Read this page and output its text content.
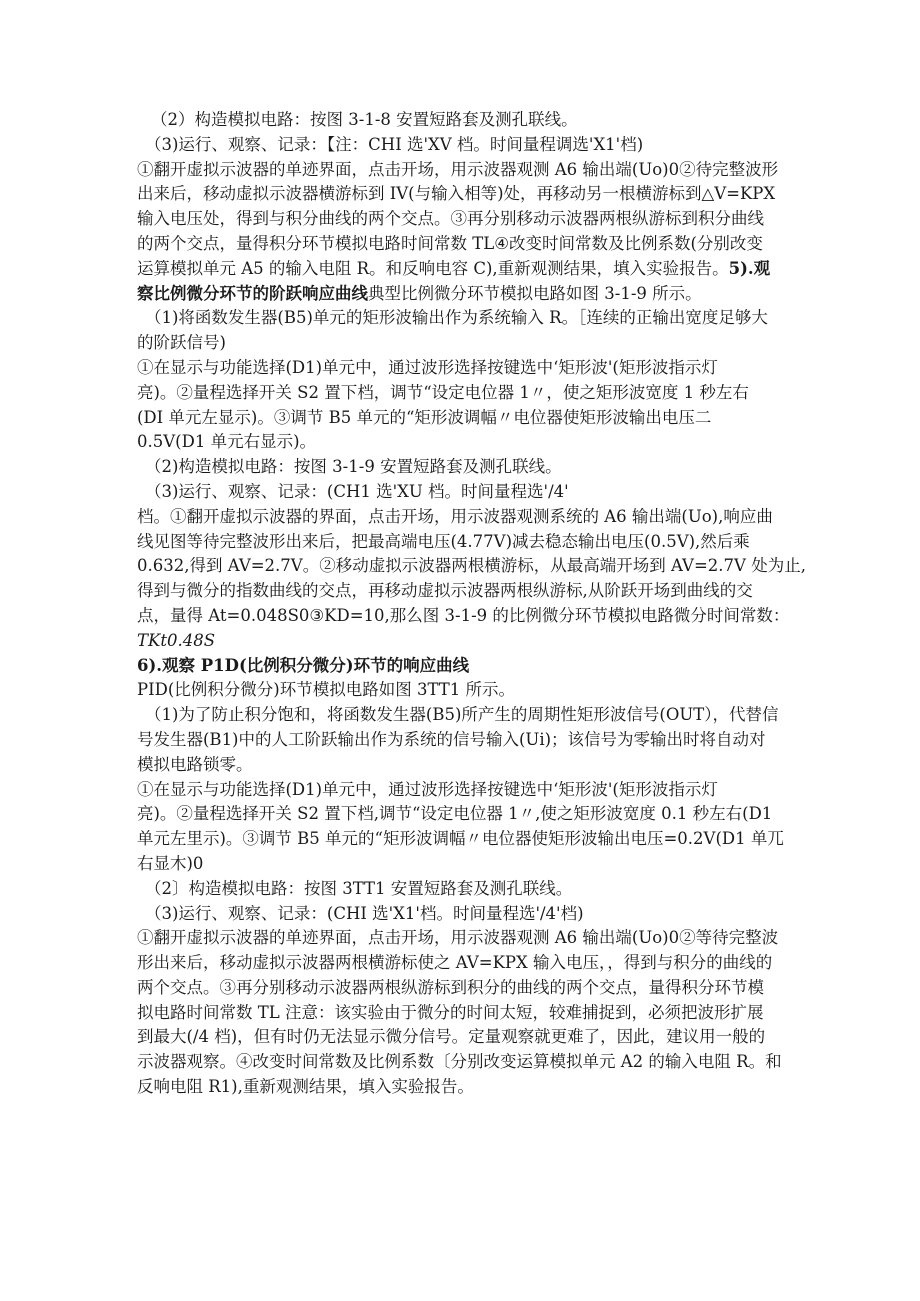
（2）构造模拟电路：按图 3-1-8 安置短路套及测孔联线。
（3)运行、观察、记录：【注：CHI 选'XV 档。时间量程调选'X1'档)
①翻开虚拟示波器的单迹界面，点击开场，用示波器观测 A6 输出端(Uo)0②待完整波形
出来后，移动虚拟示波器横游标到 IV(与输入相等)处，再移动另一根横游标到△V=KPX
输入电压处，得到与积分曲线的两个交点。③再分别移动示波器两根纵游标到积分曲线
的两个交点，量得积分环节模拟电路时间常数 TL④改变时间常数及比例系数(分别改变
运算模拟单元 A5 的输入电阻 R。和反响电容 C),重新观测结果，填入实验报告。5).观
察比例微分环节的阶跃响应曲线典型比例微分环节模拟电路如图 3-1-9 所示。
（1)将函数发生器(B5)单元的矩形波输出作为系统输入 R。［连续的正输出宽度足够大
的阶跃信号)
①在显示与功能选择(D1)单元中，通过波形选择按键选中‘矩形波'(矩形波指示灯
亮)。②量程选择开关 S2 置下档，调节“设定电位器 1〃，使之矩形波宽度 1 秒左右
(DI 单元左显示)。③调节 B5 单元的“矩形波调幅〃电位器使矩形波输出电压二
0.5V(D1 单元右显示)。
（2)构造模拟电路：按图 3-1-9 安置短路套及测孔联线。
（3)运行、观察、记录：(CH1 选'XU 档。时间量程选'/4'
档。①翻开虚拟示波器的界面，点击开场，用示波器观测系统的 A6 输出端(Uo),响应曲
线见图等待完整波形出来后，把最高端电压(4.77V)减去稳态输出电压(0.5V),然后乘
0.632,得到 AV=2.7V。②移动虚拟示波器两根横游标，从最高端开场到 AV=2.7V 处为止,
得到与微分的指数曲线的交点，再移动虚拟示波器两根纵游标,从阶跃开场到曲线的交
点，量得 At=0.048S0③KD=10,那么图 3-1-9 的比例微分环节模拟电路微分时间常数：
TKt0.48S
6).观察 P1D(比例积分微分)环节的响应曲线
PID(比例积分微分)环节模拟电路如图 3TT1 所示。
（1)为了防止积分饱和，将函数发生器(B5)所产生的周期性矩形波信号(OUT），代替信
号发生器(B1)中的人工阶跃输出作为系统的信号输入(Ui)；该信号为零输出时将自动对
模拟电路锁零。
①在显示与功能选择(D1)单元中，通过波形选择按键选中‘矩形波'(矩形波指示灯
亮)。②量程选择开关 S2 置下档,调节“设定电位器 1〃,使之矩形波宽度 0.1 秒左右(D1
单元左里示)。③调节 B5 单元的“矩形波调幅〃电位器使矩形波输出电压=0.2V(D1 单兀
右显木)0
（2〕构造模拟电路：按图 3TT1 安置短路套及测孔联线。
（3)运行、观察、记录：(CHI 选'X1'档。时间量程选'/4'档)
①翻开虚拟示波器的单迹界面，点击开场，用示波器观测 A6 输出端(Uo)0②等待完整波
形出来后，移动虚拟示波器两根横游标使之 AV=KPX 输入电压，，得到与积分的曲线的
两个交点。③再分别移动示波器两根纵游标到积分的曲线的两个交点，量得积分环节模
拟电路时间常数 TL 注意：该实验由于微分的时间太短，较难捕捉到，必须把波形扩展
到最大(/4 档)，但有时仍无法显示微分信号。定量观察就更难了，因此，建议用一般的
示波器观察。④改变时间常数及比例系数〔分别改变运算模拟单元 A2 的输入电阻 R。和
反响电阻 R1),重新观测结果，填入实验报告。
